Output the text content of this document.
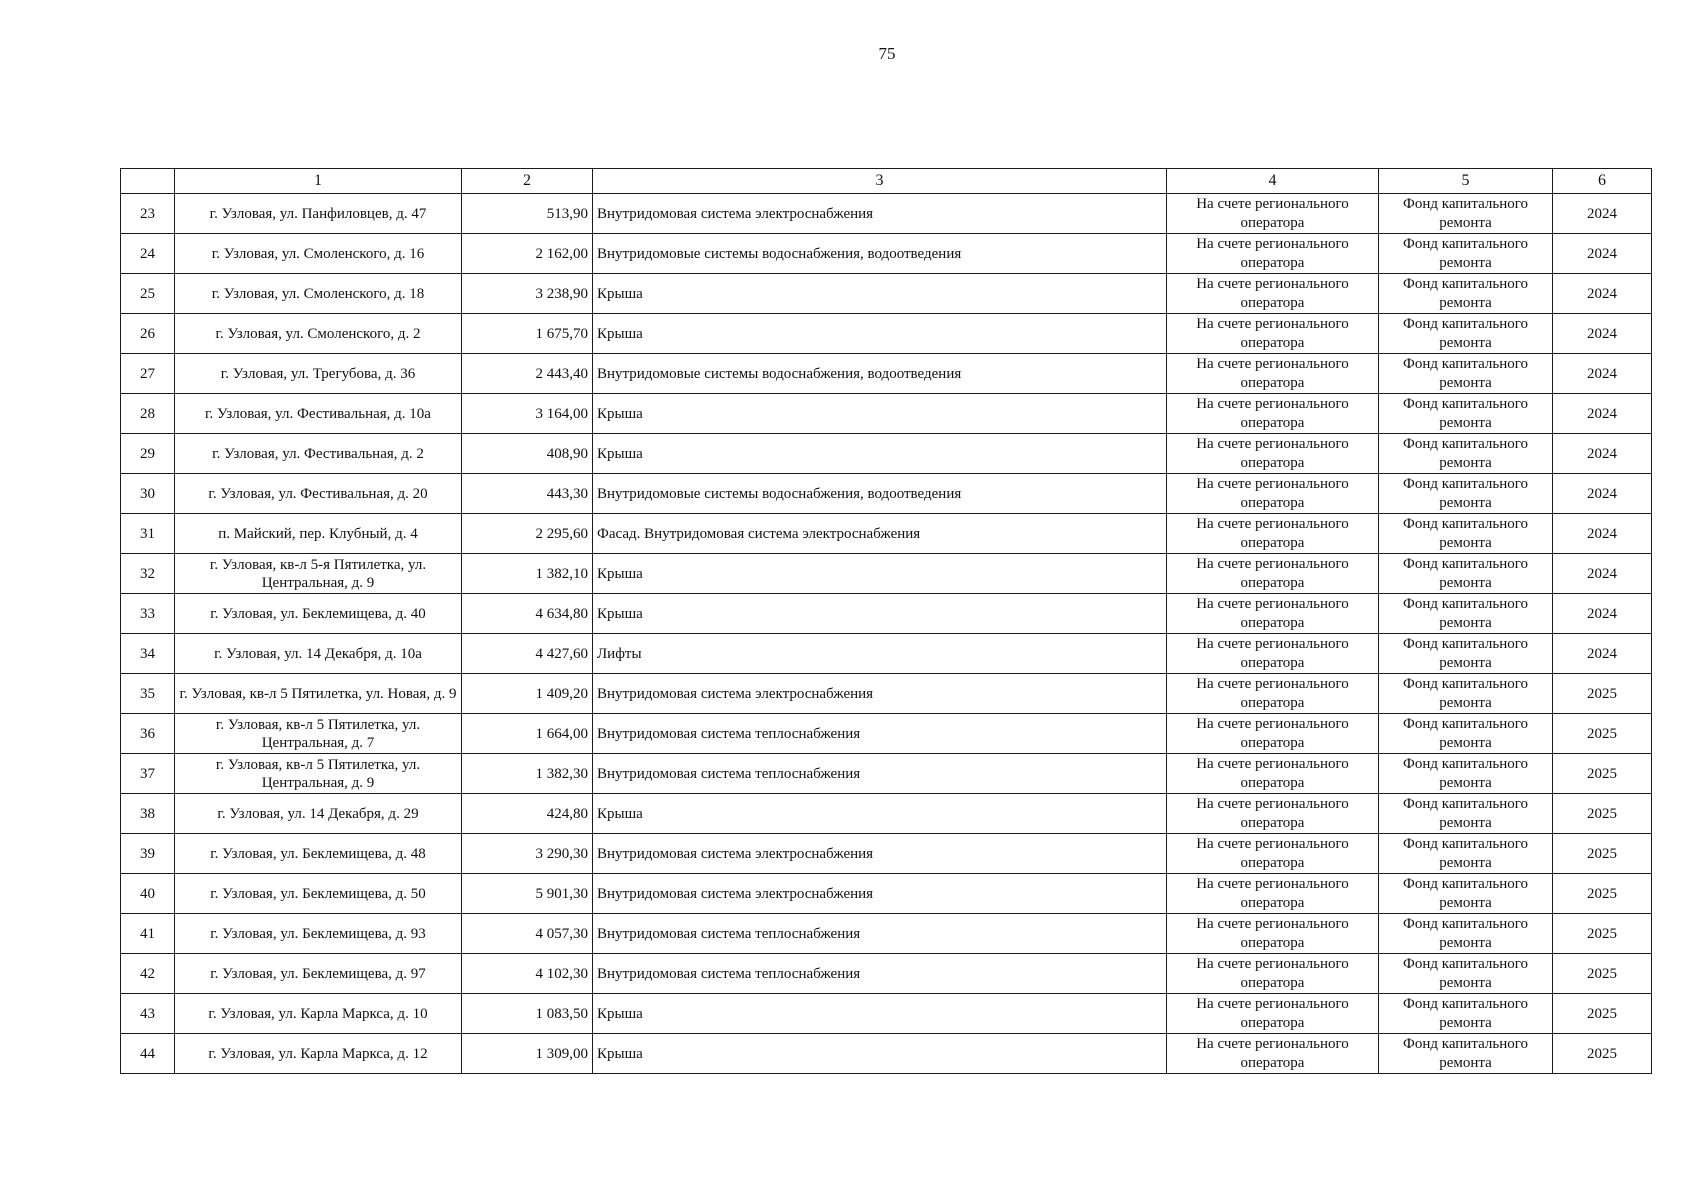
75
	1	2	3	4	5	6
23	г. Узловая, ул. Панфиловцев, д. 47	513,90	Внутридомовая система электроснабжения	На счете регионального оператора	Фонд капитального ремонта	2024
24	г. Узловая, ул. Смоленского, д. 16	2 162,00	Внутридомовые системы водоснабжения, водоотведения	На счете регионального оператора	Фонд капитального ремонта	2024
25	г. Узловая, ул. Смоленского, д. 18	3 238,90	Крыша	На счете регионального оператора	Фонд капитального ремонта	2024
26	г. Узловая, ул. Смоленского, д. 2	1 675,70	Крыша	На счете регионального оператора	Фонд капитального ремонта	2024
27	г. Узловая, ул. Трегубова, д. 36	2 443,40	Внутридомовые системы водоснабжения, водоотведения	На счете регионального оператора	Фонд капитального ремонта	2024
28	г. Узловая, ул. Фестивальная, д. 10а	3 164,00	Крыша	На счете регионального оператора	Фонд капитального ремонта	2024
29	г. Узловая, ул. Фестивальная, д. 2	408,90	Крыша	На счете регионального оператора	Фонд капитального ремонта	2024
30	г. Узловая, ул. Фестивальная, д. 20	443,30	Внутридомовые системы водоснабжения, водоотведения	На счете регионального оператора	Фонд капитального ремонта	2024
31	п. Майский, пер. Клубный, д. 4	2 295,60	Фасад. Внутридомовая система электроснабжения	На счете регионального оператора	Фонд капитального ремонта	2024
32	г. Узловая, кв-л 5-я Пятилетка, ул. Центральная, д. 9	1 382,10	Крыша	На счете регионального оператора	Фонд капитального ремонта	2024
33	г. Узловая, ул. Беклемищева, д. 40	4 634,80	Крыша	На счете регионального оператора	Фонд капитального ремонта	2024
34	г. Узловая, ул. 14 Декабря, д. 10а	4 427,60	Лифты	На счете регионального оператора	Фонд капитального ремонта	2024
35	г. Узловая, кв-л 5 Пятилетка, ул. Новая, д. 9	1 409,20	Внутридомовая система электроснабжения	На счете регионального оператора	Фонд капитального ремонта	2025
36	г. Узловая, кв-л 5 Пятилетка, ул. Центральная, д. 7	1 664,00	Внутридомовая система теплоснабжения	На счете регионального оператора	Фонд капитального ремонта	2025
37	г. Узловая, кв-л 5 Пятилетка, ул. Центральная, д. 9	1 382,30	Внутридомовая система теплоснабжения	На счете регионального оператора	Фонд капитального ремонта	2025
38	г. Узловая, ул. 14 Декабря, д. 29	424,80	Крыша	На счете регионального оператора	Фонд капитального ремонта	2025
39	г. Узловая, ул. Беклемищева, д. 48	3 290,30	Внутридомовая система электроснабжения	На счете регионального оператора	Фонд капитального ремонта	2025
40	г. Узловая, ул. Беклемищева, д. 50	5 901,30	Внутридомовая система электроснабжения	На счете регионального оператора	Фонд капитального ремонта	2025
41	г. Узловая, ул. Беклемищева, д. 93	4 057,30	Внутридомовая система теплоснабжения	На счете регионального оператора	Фонд капитального ремонта	2025
42	г. Узловая, ул. Беклемищева, д. 97	4 102,30	Внутридомовая система теплоснабжения	На счете регионального оператора	Фонд капитального ремонта	2025
43	г. Узловая, ул. Карла Маркса, д. 10	1 083,50	Крыша	На счете регионального оператора	Фонд капитального ремонта	2025
44	г. Узловая, ул. Карла Маркса, д. 12	1 309,00	Крыша	На счете регионального оператора	Фонд капитального ремонта	2025
